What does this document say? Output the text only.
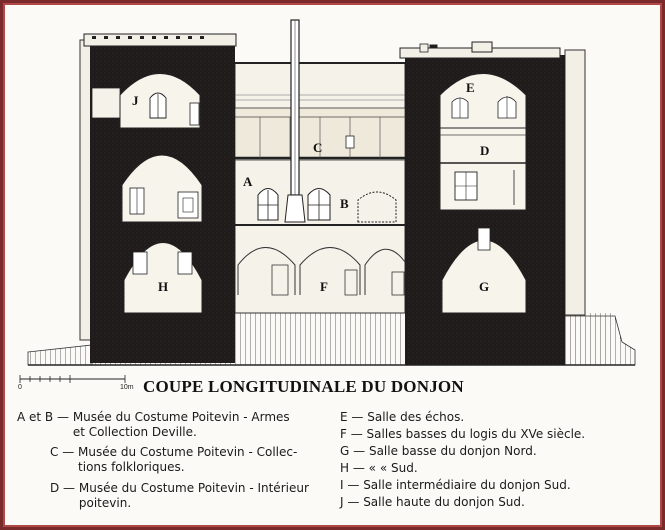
J
A
B
C	D
E
F	G
H
0	10m COUPE LONGITUDINALE DU DONJON
A et B — Musée du Costume Poitevin - Armes
et Collection Deville.
C — Musée du Costume Poitevin - Collec-
tions folkloriques.
D — Musée du Costume Poitevin - Intérieur
poitevin.
E — Salle des échos.
F — Salles basses du logis du XVe siècle.
G — Salle basse du donjon Nord.
H — « « Sud.
I — Salle intermédiaire du donjon Sud.
J — Salle haute du donjon Sud.
